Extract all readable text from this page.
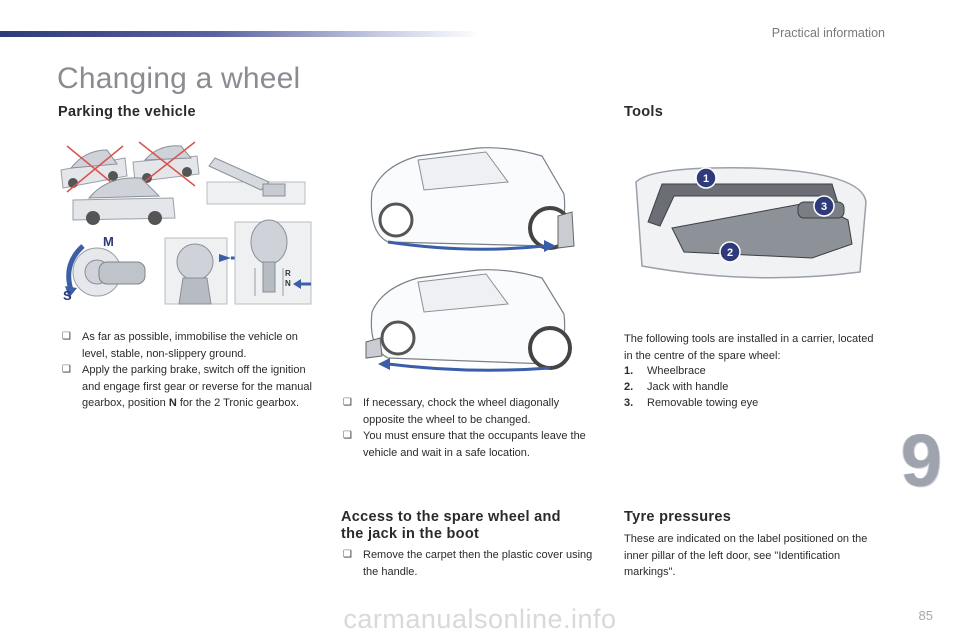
Practical information
Changing a wheel
Parking the vehicle
M
S
R
N
❑ As far as possible, immobilise the vehicle on level, stable, non-slippery ground.
❑ Apply the parking brake, switch off the ignition and engage first gear or reverse for the manual gearbox, position N for the 2 Tronic gearbox.	❑ If necessary, chock the wheel diagonally opposite the wheel to be changed.
❑ You must ensure that the occupants leave the vehicle and wait in a safe location.
Tools
1
2
3

The following tools are installed in a carrier, located in the centre of the spare wheel:

1.	Wheelbrace
2.	Jack with handle
3.	Removable towing eye
Access to the spare wheel and
the jack in the boot
❑ Remove the carpet then the plastic cover using the handle.
Tyre pressures

These are indicated on the label positioned on the inner pillar of the left door, see "Identification markings".

9
carmanualsonline.info	85
